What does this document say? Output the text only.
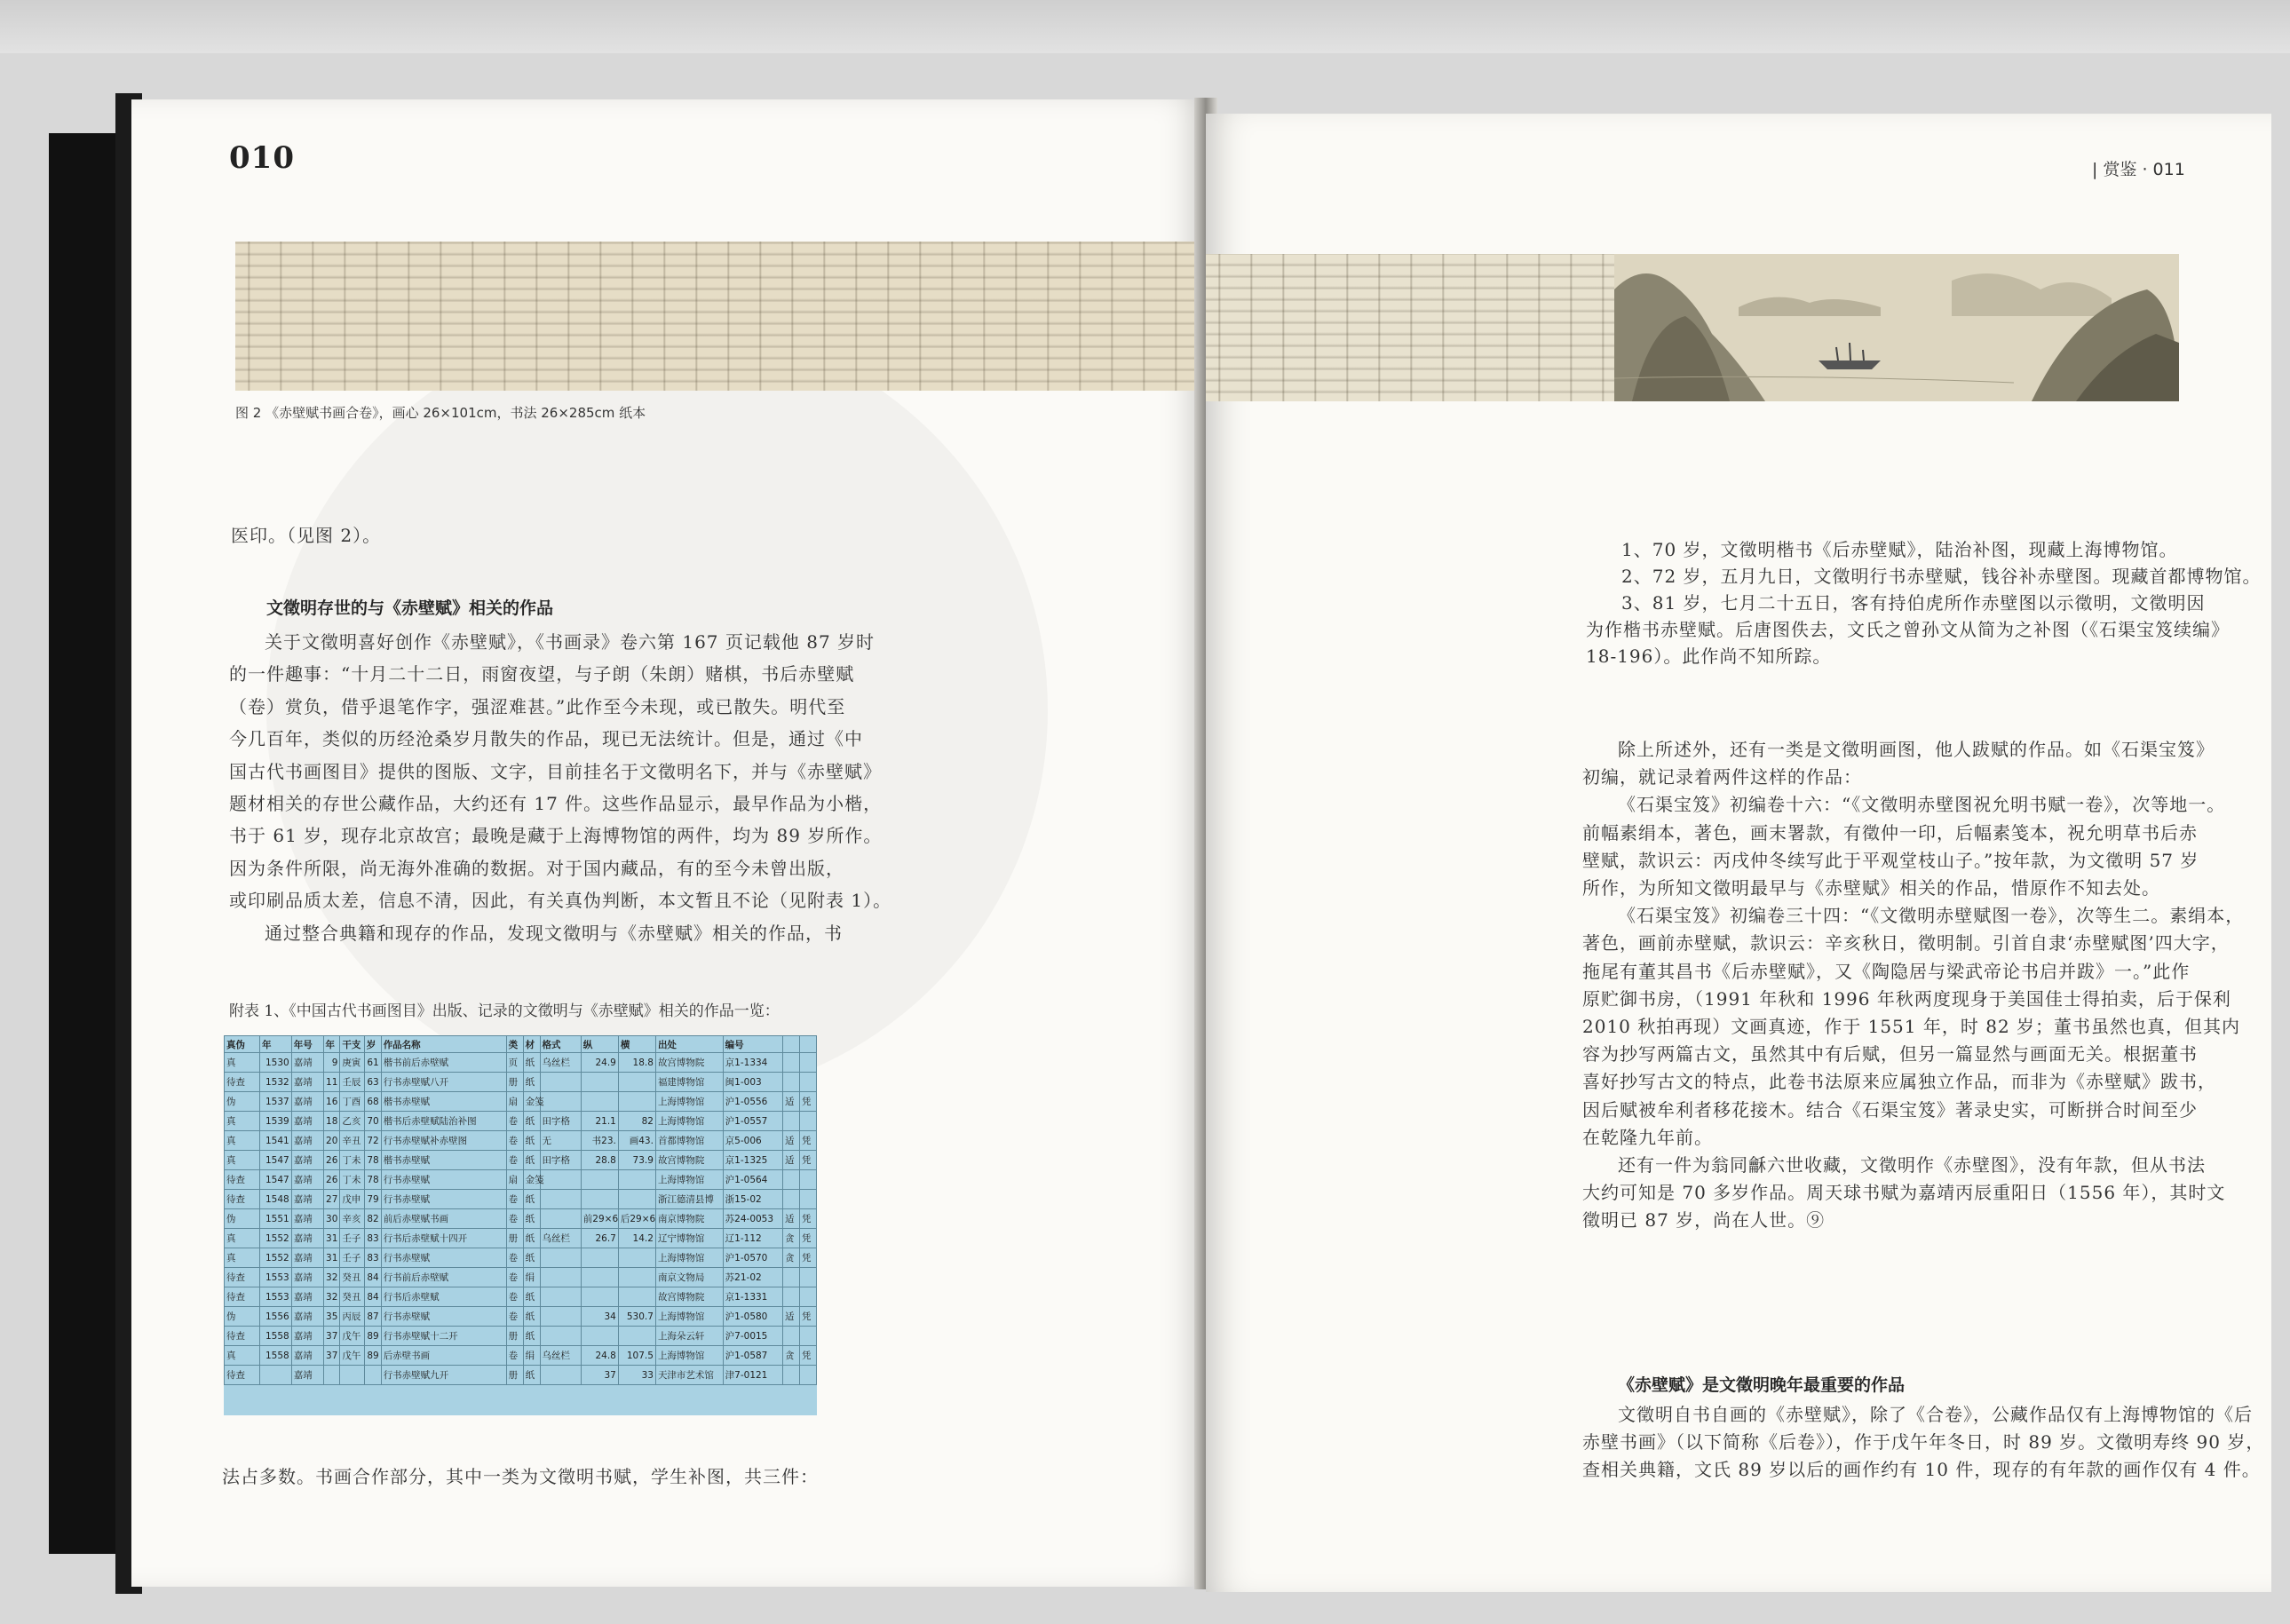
010
图 2 《赤壁赋书画合卷》，画心 26×101cm，书法 26×285cm 纸本
医印。（见图 2）。
文徵明存世的与《赤壁赋》相关的作品
关于文徵明喜好创作《赤壁赋》，《书画录》卷六第 167 页记载他 87 岁时
的一件趣事：“十月二十二日，雨窗夜望，与子朗（朱朗）赌棋，书后赤壁赋
（卷）赏负，借乎退笔作字，强涩难甚。”此作至今未现，或已散失。明代至
今几百年，类似的历经沧桑岁月散失的作品，现已无法统计。但是，通过《中
国古代书画图目》提供的图版、文字，目前挂名于文徵明名下，并与《赤壁赋》
题材相关的存世公藏作品，大约还有 17 件。这些作品显示，最早作品为小楷，
书于 61 岁，现存北京故宫；最晚是藏于上海博物馆的两件，均为 89 岁所作。
因为条件所限，尚无海外准确的数据。对于国内藏品，有的至今未曾出版，
或印刷品质太差，信息不清，因此，有关真伪判断，本文暂且不论（见附表 1）。
通过整合典籍和现存的作品，发现文徵明与《赤壁赋》相关的作品，书
附表 1、《中国古代书画图目》出版、记录的文徵明与《赤壁赋》相关的作品一览：
真伪	年	年号	年	干支	岁	作品名称	类	材	格式	纵	横	出处	编号		
真	1530	嘉靖	9	庚寅	61	楷书前后赤壁赋	页	纸	乌丝栏	24.9	18.8	故宫博物院	京1-1334		
待查	1532	嘉靖	11	壬辰	63	行书赤壁赋八开	册	纸				福建博物馆	闽1-003		
伪	1537	嘉靖	16	丁酉	68	楷书赤壁赋	扇	金笺				上海博物馆	沪1-0556	适	凭
真	1539	嘉靖	18	乙亥	70	楷书后赤壁赋陆治补图	卷	纸	田字格	21.1	82	上海博物馆	沪1-0557		
真	1541	嘉靖	20	辛丑	72	行书赤壁赋补赤壁图	卷	纸	无	书23.	画43.	首都博物馆	京5-006	适	凭
真	1547	嘉靖	26	丁未	78	楷书赤壁赋	卷	纸	田字格	28.8	73.9	故宫博物院	京1-1325	适	凭
待查	1547	嘉靖	26	丁未	78	行书赤壁赋	扇	金笺				上海博物馆	沪1-0564		
待查	1548	嘉靖	27	戊申	79	行书赤壁赋	卷	纸				浙江德清县博	浙15-02		
伪	1551	嘉靖	30	辛亥	82	前后赤壁赋书画	卷	纸		前29×6	后29×6	南京博物院	苏24-0053	适	凭
真	1552	嘉靖	31	壬子	83	行书后赤壁赋十四开	册	纸	乌丝栏	26.7	14.2	辽宁博物馆	辽1-112	贪	凭
真	1552	嘉靖	31	壬子	83	行书赤壁赋	卷	纸				上海博物馆	沪1-0570	贪	凭
待查	1553	嘉靖	32	癸丑	84	行书前后赤壁赋	卷	绢				南京文物局	苏21-02		
待查	1553	嘉靖	32	癸丑	84	行书后赤壁赋	卷	纸				故宫博物院	京1-1331		
伪	1556	嘉靖	35	丙辰	87	行书赤壁赋	卷	纸		34	530.7	上海博物馆	沪1-0580	适	凭
待查	1558	嘉靖	37	戊午	89	行书赤壁赋十二开	册	纸				上海朵云轩	沪7-0015		
真	1558	嘉靖	37	戊午	89	后赤壁书画	卷	绢	乌丝栏	24.8	107.5	上海博物馆	沪1-0587	贪	凭
待查		嘉靖				行书赤壁赋九开	册	纸		37	33	天津市艺术馆	津7-0121		
法占多数。书画合作部分，其中一类为文徵明书赋，学生补图，共三件：
| 赏鉴 · 011
1、70 岁，文徵明楷书《后赤壁赋》，陆治补图，现藏上海博物馆。
2、72 岁，五月九日，文徵明行书赤壁赋，钱谷补赤壁图。现藏首都博物馆。
3、81 岁，七月二十五日，客有持伯虎所作赤壁图以示徵明，文徵明因
为作楷书赤壁赋。后唐图佚去，文氏之曾孙文从简为之补图（《石渠宝笈续编》
18-196）。此作尚不知所踪。
除上所述外，还有一类是文徵明画图，他人跋赋的作品。如《石渠宝笈》
初编，就记录着两件这样的作品：
《石渠宝笈》初编卷十六：“《文徵明赤壁图祝允明书赋一卷》，次等地一。
前幅素绢本，著色，画末署款，有徵仲一印，后幅素笺本，祝允明草书后赤
壁赋，款识云：丙戌仲冬续写此于平观堂枝山子。”按年款，为文徵明 57 岁
所作，为所知文徵明最早与《赤壁赋》相关的作品，惜原作不知去处。
《石渠宝笈》初编卷三十四：“《文徵明赤壁赋图一卷》，次等生二。素绢本，
著色，画前赤壁赋，款识云：辛亥秋日，徵明制。引首自隶‘赤壁赋图’四大字，
拖尾有董其昌书《后赤壁赋》，又《陶隐居与梁武帝论书启并跋》一。”此作
原贮御书房，（1991 年秋和 1996 年秋两度现身于美国佳士得拍卖，后于保利
2010 秋拍再现）文画真迹，作于 1551 年，时 82 岁；董书虽然也真，但其内
容为抄写两篇古文，虽然其中有后赋，但另一篇显然与画面无关。根据董书
喜好抄写古文的特点，此卷书法原来应属独立作品，而非为《赤壁赋》跋书，
因后赋被牟利者移花接木。结合《石渠宝笈》著录史实，可断拼合时间至少
在乾隆九年前。
还有一件为翁同龢六世收藏，文徵明作《赤壁图》，没有年款，但从书法
大约可知是 70 多岁作品。周天球书赋为嘉靖丙辰重阳日（1556 年），其时文
徵明已 87 岁，尚在人世。⑨
《赤壁赋》是文徵明晚年最重要的作品
文徵明自书自画的《赤壁赋》，除了《合卷》，公藏作品仅有上海博物馆的《后
赤壁书画》（以下简称《后卷》），作于戊午年冬日，时 89 岁。文徵明寿终 90 岁，
查相关典籍，文氏 89 岁以后的画作约有 10 件，现存的有年款的画作仅有 4 件。
